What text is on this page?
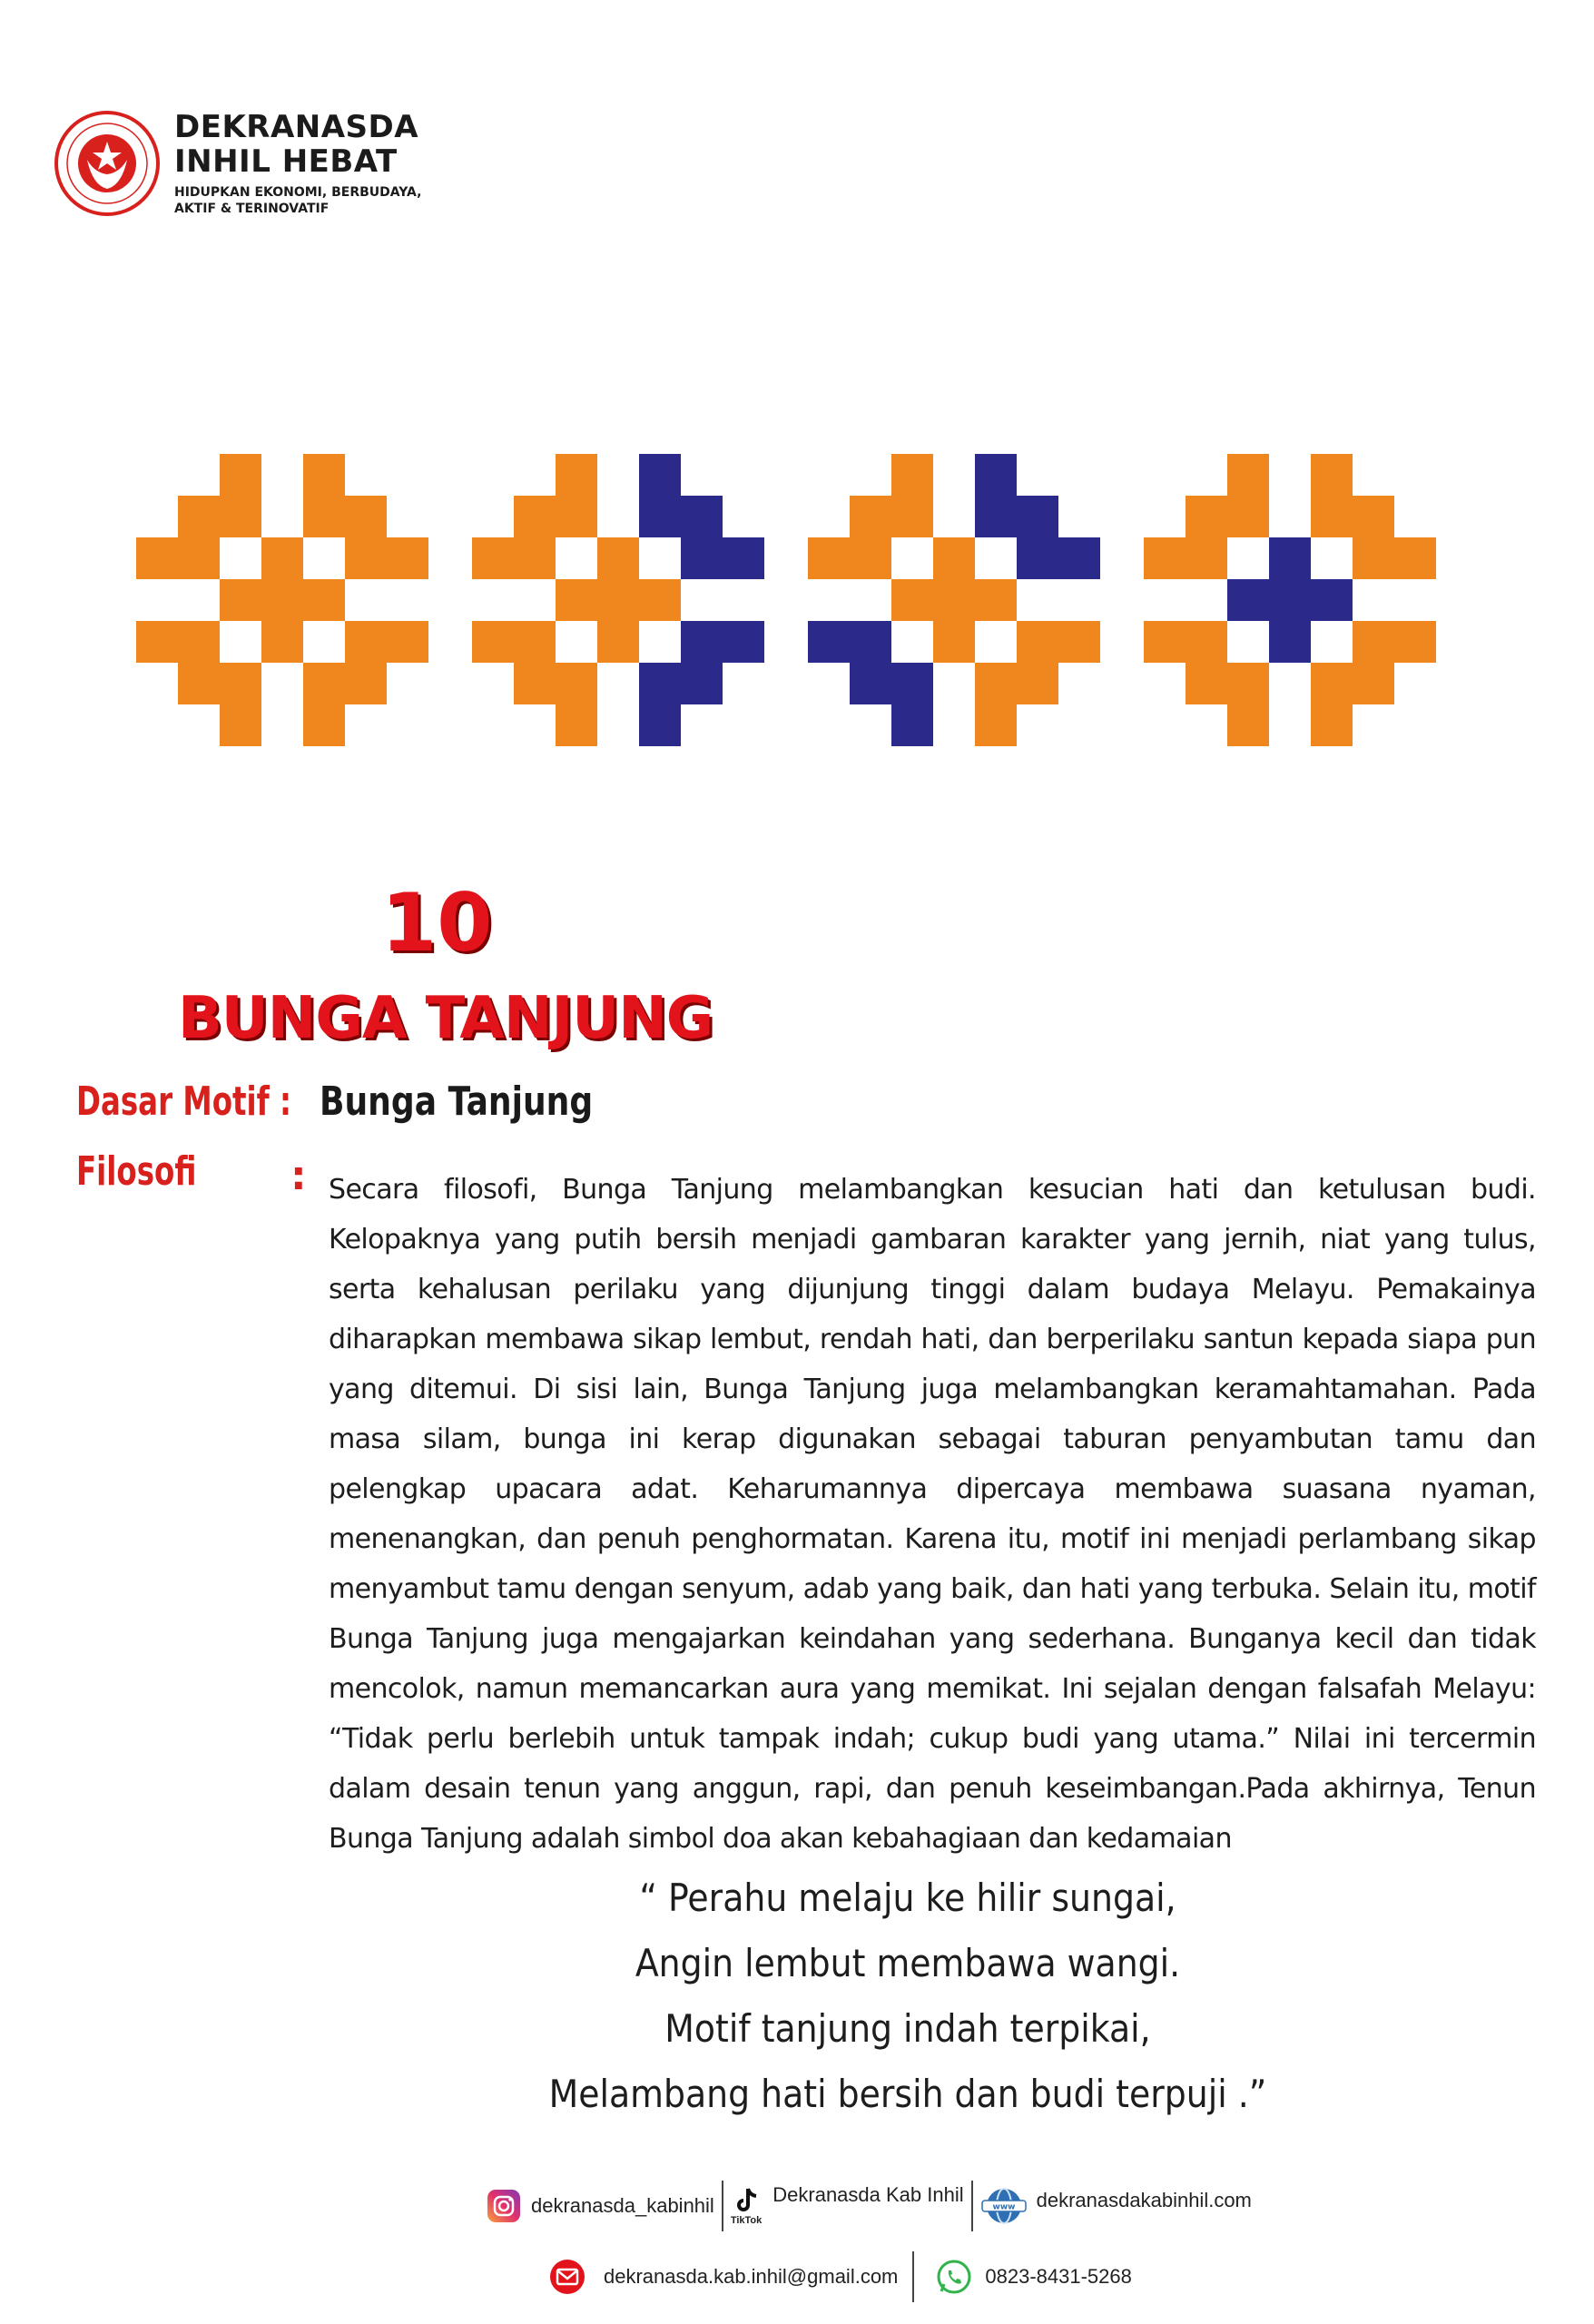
DEKRANASDA
INHIL HEBAT
HIDUPKAN EKONOMI, BERBUDAYA,
AKTIF & TERINOVATIF
10
BUNGA TANJUNG
Dasar Motif : Bunga Tanjung
Filosofi : Secara filosofi, Bunga Tanjung melambangkan kesucian hati dan ketulusan budi. Kelopaknya yang putih bersih menjadi gambaran karakter yang jernih, niat yang tulus, serta kehalusan perilaku yang dijunjung tinggi dalam budaya Melayu. Pemakainya diharapkan membawa sikap lembut, rendah hati, dan berperilaku santun kepada siapa pun yang ditemui. Di sisi lain, Bunga Tanjung juga melambangkan keramahtamahan. Pada masa silam, bunga ini kerap digunakan sebagai taburan penyambutan tamu dan pelengkap upacara adat. Keharumannya dipercaya membawa suasana nyaman, menenangkan, dan penuh penghormatan. Karena itu, motif ini menjadi perlambang sikap menyambut tamu dengan senyum, adab yang baik, dan hati yang terbuka. Selain itu, motif Bunga Tanjung juga mengajarkan keindahan yang sederhana. Bunganya kecil dan tidak mencolok, namun memancarkan aura yang memikat. Ini sejalan dengan falsafah Melayu: “Tidak perlu berlebih untuk tampak indah; cukup budi yang utama.” Nilai ini tercermin dalam desain tenun yang anggun, rapi, dan penuh keseimbangan.Pada akhirnya, Tenun Bunga Tanjung adalah simbol doa akan kebahagiaan dan kedamaian
“ Perahu melaju ke hilir sungai,
Angin lembut membawa wangi.
Motif tanjung indah terpikai,
Melambang hati bersih dan budi terpuji .”
dekranasda_kabinhil
TikTok
Dekranasda Kab Inhil
www dekranasdakabinhil.com
dekranasda.kab.inhil@gmail.com	0823-8431-5268
